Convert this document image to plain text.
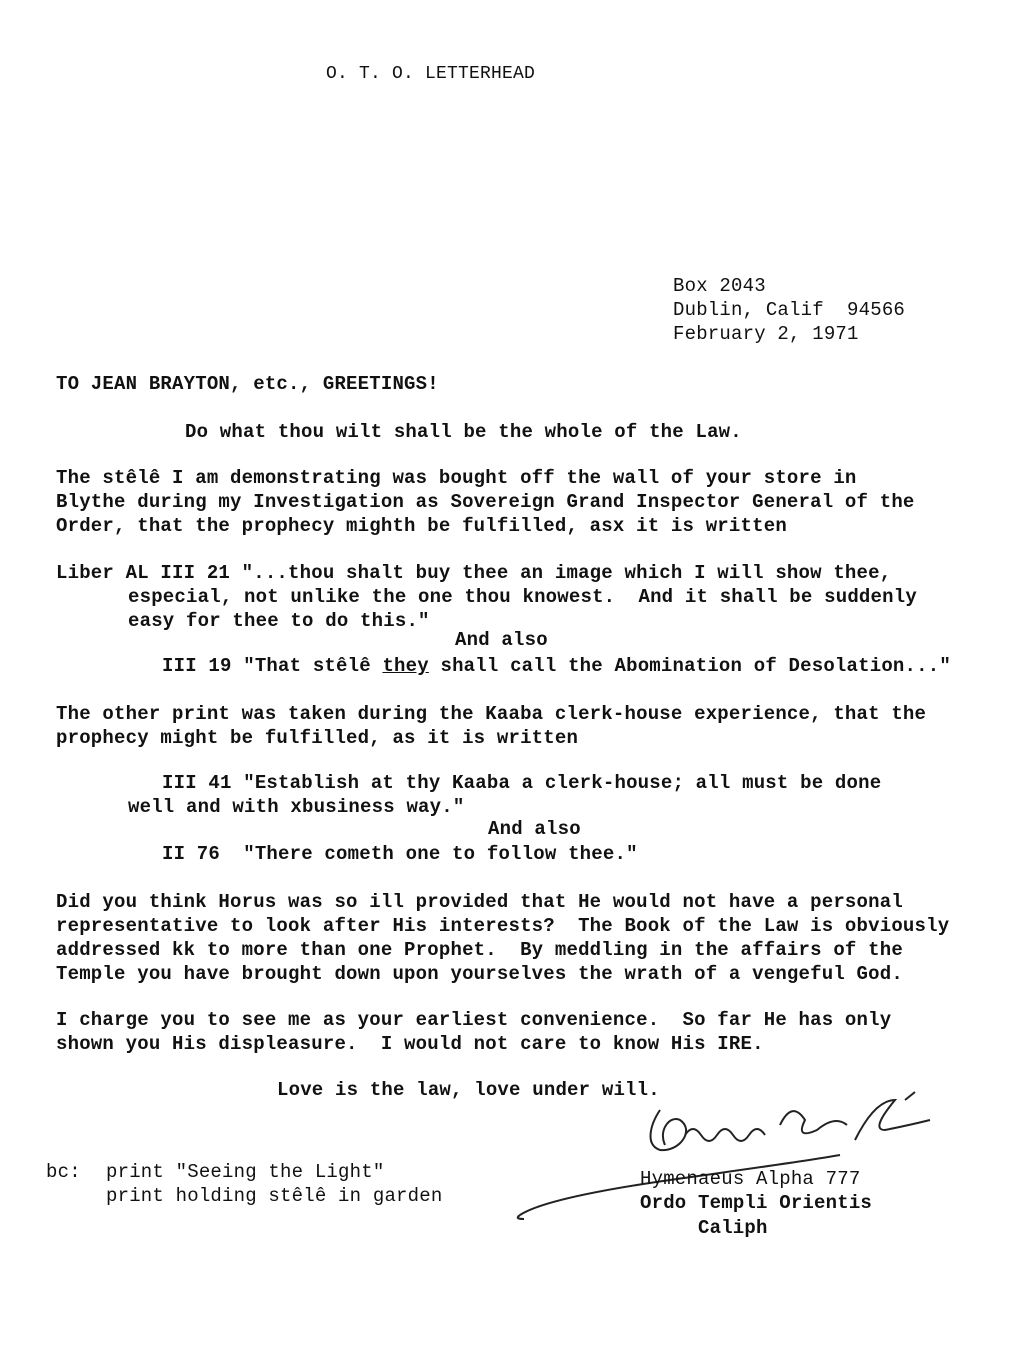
O. T. O. LETTERHEAD
Box 2043
Dublin, Calif  94566
February 2, 1971
TO JEAN BRAYTON, etc., GREETINGS!
Do what thou wilt shall be the whole of the Law.
The stêlê I am demonstrating was bought off the wall of your store in
Blythe during my Investigation as Sovereign Grand Inspector General of the
Order, that the prophecy mighth be fulfilled, asx it is written
Liber AL III 21 "...thou shalt buy thee an image which I will show thee,
especial, not unlike the one thou knowest.  And it shall be suddenly
easy for thee to do this."
And also
III 19 "That stêlê they shall call the Abomination of Desolation..."
The other print was taken during the Kaaba clerk-house experience, that the
prophecy might be fulfilled, as it is written
III 41 "Establish at thy Kaaba a clerk-house; all must be done
well and with xbusiness way."
And also
II 76  "There cometh one to follow thee."
Did you think Horus was so ill provided that He would not have a personal
representative to look after His interests?  The Book of the Law is obviously
addressed kk to more than one Prophet.  By meddling in the affairs of the
Temple you have brought down upon yourselves the wrath of a vengeful God.
I charge you to see me as your earliest convenience.  So far He has only
shown you His displeasure.  I would not care to know His IRE.
Love is the law, love under will.
bc: print "Seeing the Light"
print holding stêlê in garden
Hymenaeus Alpha 777
Ordo Templi Orientis
Caliph
